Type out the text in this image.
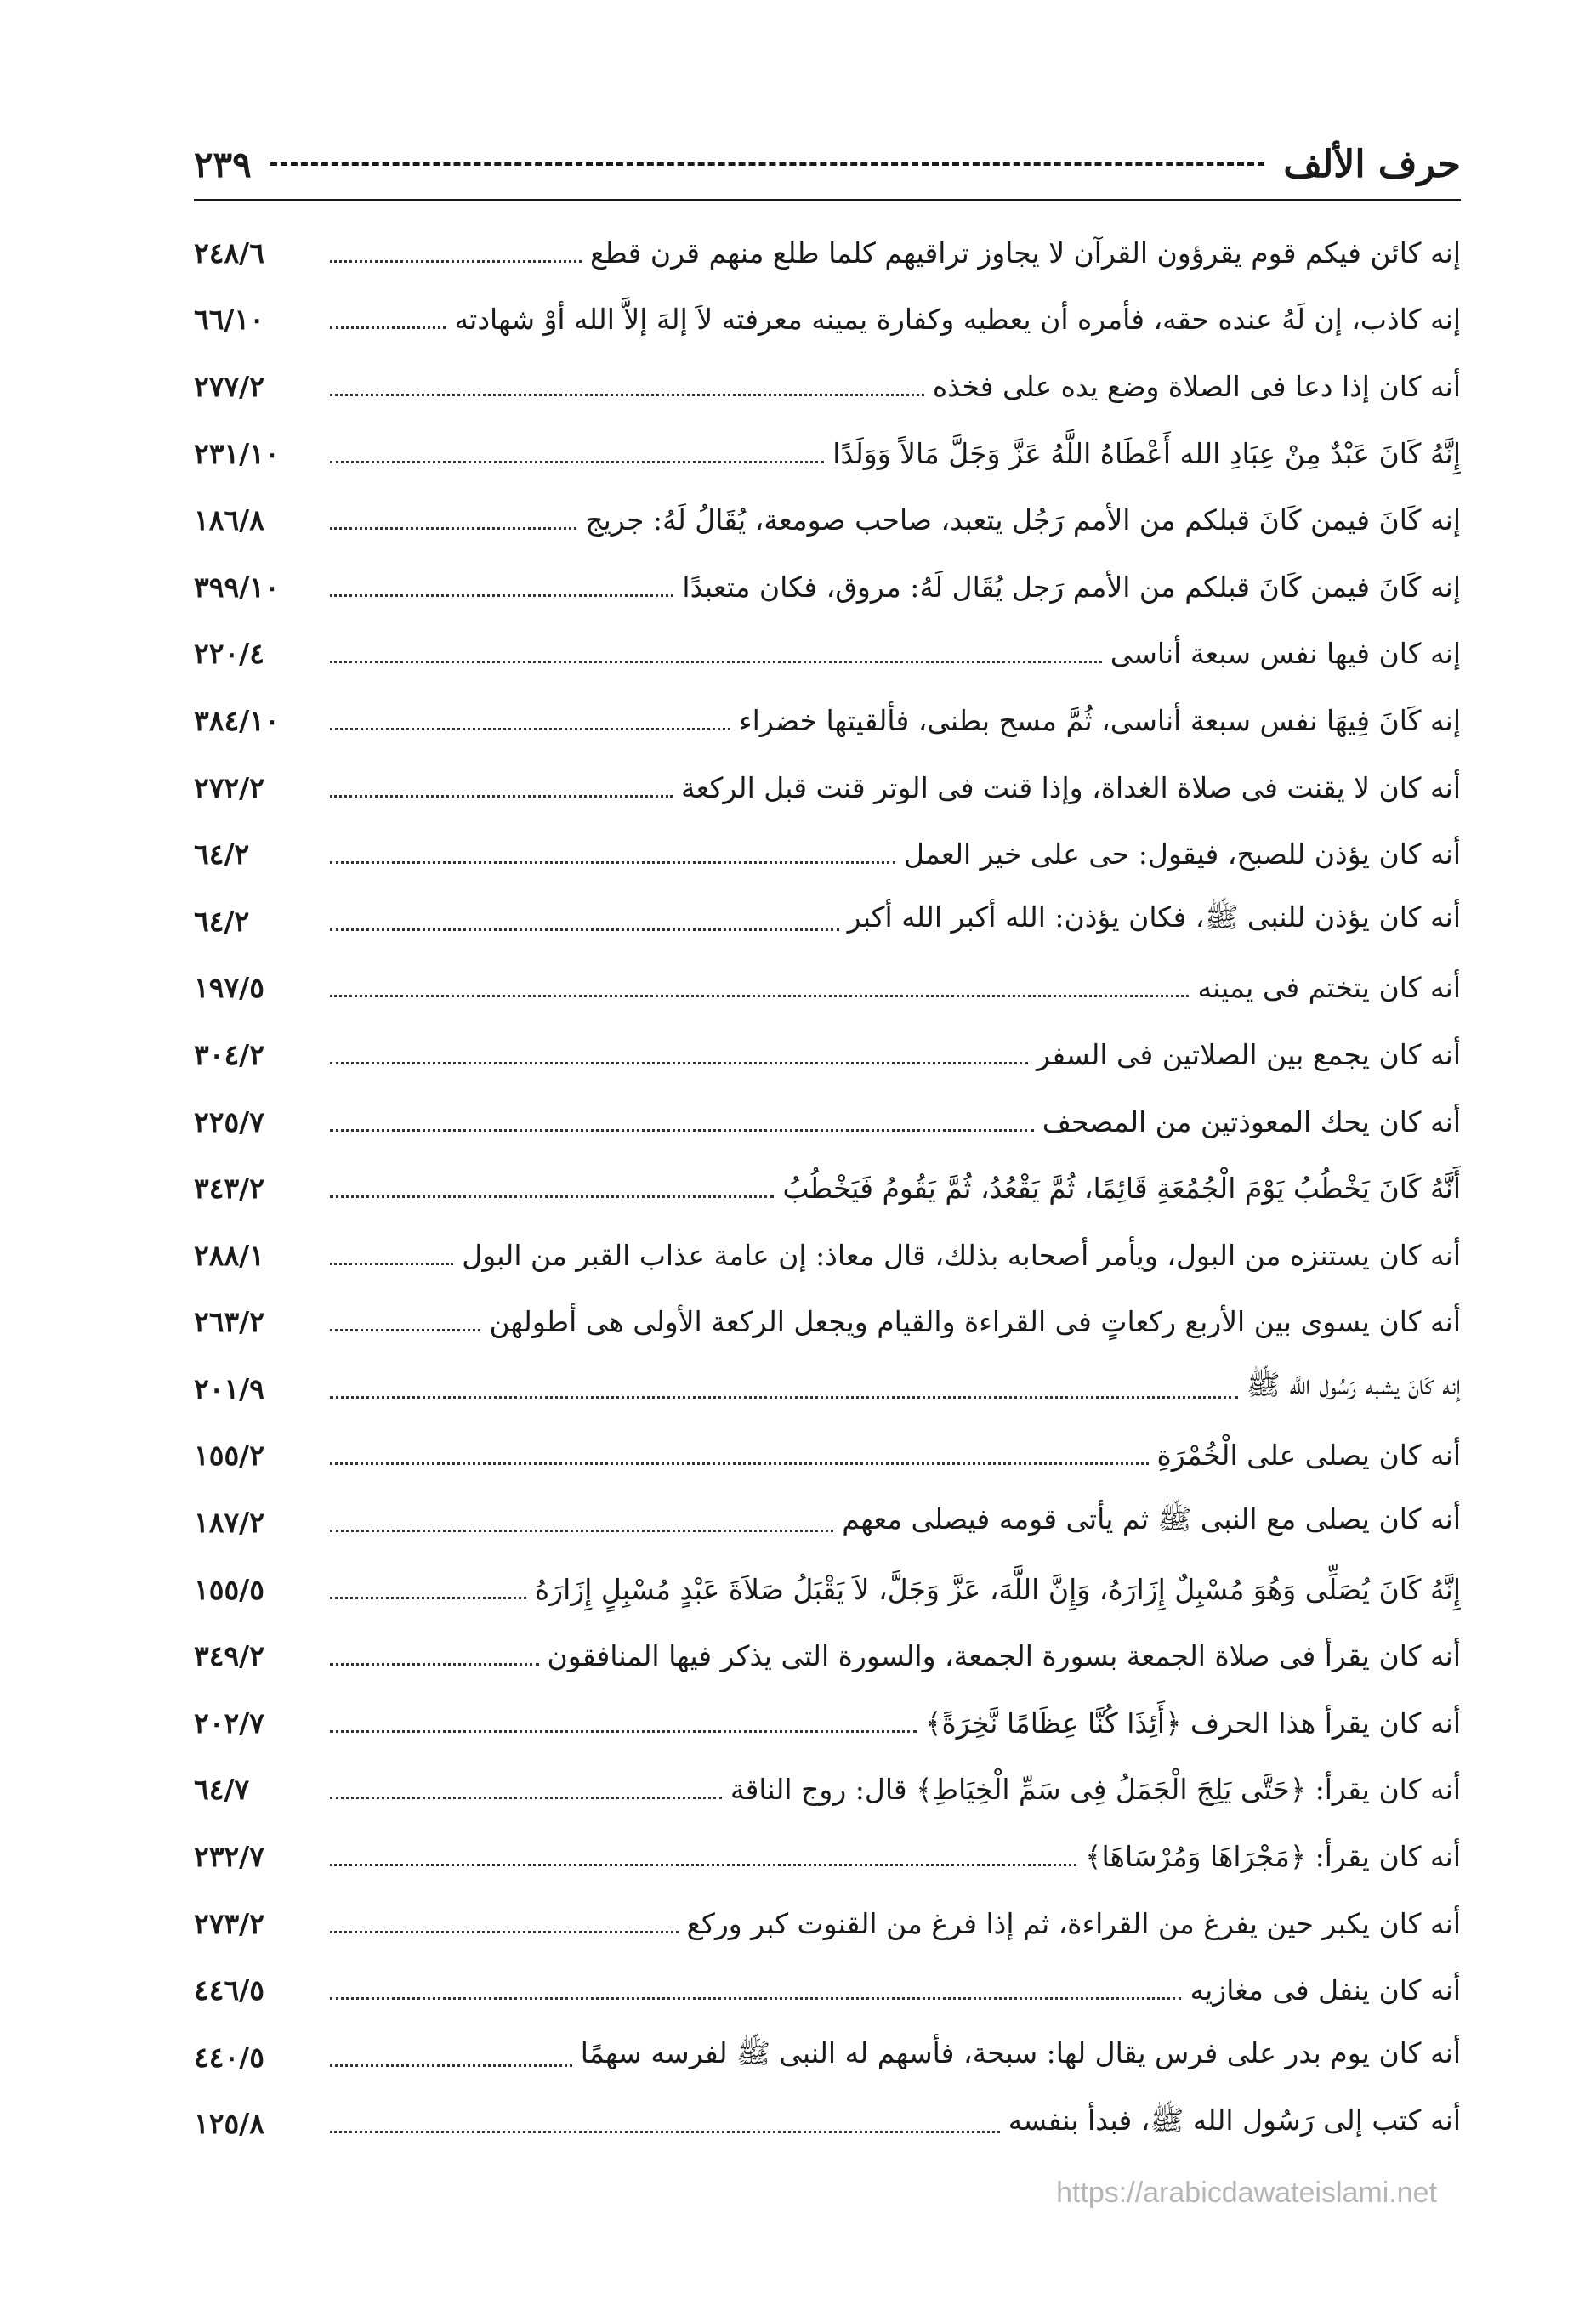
حرف الألف
٢٣٩
إنه كائن فيكم قوم يقرؤون القرآن لا يجاوز تراقيهم كلما طلع منهم قرن قطع
٢٤٨/٦
إنه كاذب، إن لَهُ عنده حقه، فأمره أن يعطيه وكفارة يمينه معرفته لاَ إلهَ إلاَّ الله أوْ شهادته
٦٦/١٠
أنه كان إذا دعا فى الصلاة وضع يده على فخذه
٢٧٧/٢
إِنَّهُ كَانَ عَبْدٌ مِنْ عِبَادِ الله أَعْطَاهُ اللَّهُ عَزَّ وَجَلَّ مَالاً وَوَلَدًا
٢٣١/١٠
إنه كَانَ فيمن كَانَ قبلكم من الأمم رَجُل يتعبد، صاحب صومعة، يُقَالُ لَهُ: جريج
١٨٦/٨
إنه كَانَ فيمن كَانَ قبلكم من الأمم رَجل يُقَال لَهُ: مروق، فكان متعبدًا
٣٩٩/١٠
إنه كان فيها نفس سبعة أناسى
٢٢٠/٤
إنه كَانَ فِيهَا نفس سبعة أناسى، ثُمَّ مسح بطنى، فألقيتها خضراء
٣٨٤/١٠
أنه كان لا يقنت فى صلاة الغداة، وإذا قنت فى الوتر قنت قبل الركعة
٢٧٢/٢
أنه كان يؤذن للصبح، فيقول: حى على خير العمل
٦٤/٢
أنه كان يؤذن للنبى ﷺ، فكان يؤذن: الله أكبر الله أكبر
٦٤/٢
أنه كان يتختم فى يمينه
١٩٧/٥
أنه كان يجمع بين الصلاتين فى السفر
٣٠٤/٢
أنه كان يحك المعوذتين من المصحف
٢٢٥/٧
أَنَّهُ كَانَ يَخْطُبُ يَوْمَ الْجُمُعَةِ قَائِمًا، ثُمَّ يَقْعُدُ، ثُمَّ يَقُومُ فَيَخْطُبُ
٣٤٣/٢
أنه كان يستنزه من البول، ويأمر أصحابه بذلك، قال معاذ: إن عامة عذاب القبر من البول
٢٨٨/١
أنه كان يسوى بين الأربع ركعاتٍ فى القراءة والقيام ويجعل الركعة الأولى هى أطولهن
٢٦٣/٢
إنه كَانَ يشبه رَسُول اللَّه ﷺ
٢٠١/٩
أنه كان يصلى على الْخُمْرَةِ
١٥٥/٢
أنه كان يصلى مع النبى ﷺ ثم يأتى قومه فيصلى معهم
١٨٧/٢
إِنَّهُ كَانَ يُصَلِّى وَهُوَ مُسْبِلٌ إِزَارَهُ، وَإِنَّ اللَّهَ، عَزَّ وَجَلَّ، لاَ يَقْبَلُ صَلاَةَ عَبْدٍ مُسْبِلٍ إِزَارَهُ
١٥٥/٥
أنه كان يقرأ فى صلاة الجمعة بسورة الجمعة، والسورة التى يذكر فيها المنافقون
٣٤٩/٢
أنه كان يقرأ هذا الحرف ﴿أَئِذَا كُنَّا عِظَامًا نَّخِرَةً﴾
٢٠٢/٧
أنه كان يقرأ: ﴿حَتَّى يَلِجَ الْجَمَلُ فِى سَمِّ الْخِيَاطِ﴾ قال: روج الناقة
٦٤/٧
أنه كان يقرأ: ﴿مَجْرَاهَا وَمُرْسَاهَا﴾
٢٣٢/٧
أنه كان يكبر حين يفرغ من القراءة، ثم إذا فرغ من القنوت كبر وركع
٢٧٣/٢
أنه كان ينفل فى مغازيه
٤٤٦/٥
أنه كان يوم بدر على فرس يقال لها: سبحة، فأسهم له النبى ﷺ لفرسه سهمًا
٤٤٠/٥
أنه كتب إلى رَسُول الله ﷺ، فبدأ بنفسه
١٢٥/٨
https://arabicdawateislami.net
